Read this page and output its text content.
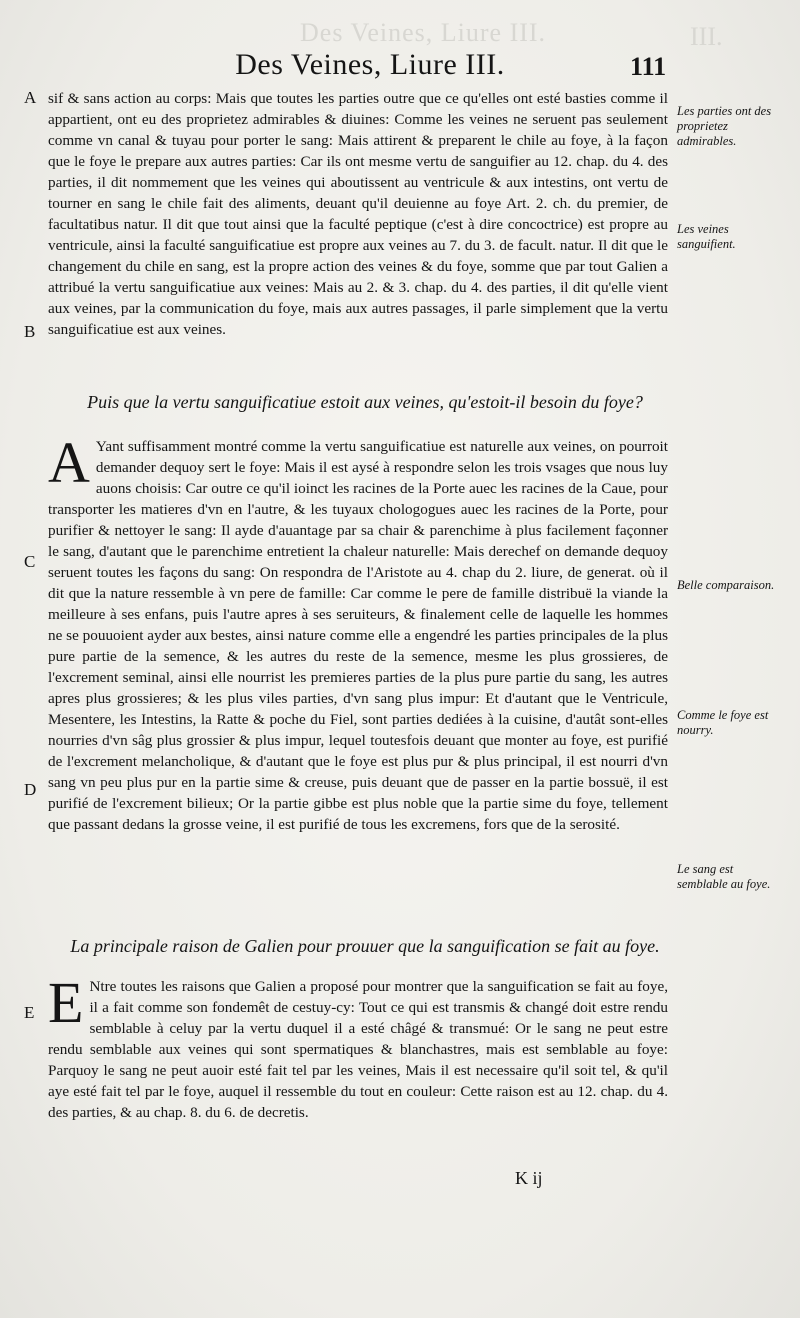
Des Veines, Liure III.	III.
Des Veines, Liure III.	111
A
B
C
D
E
Les parties ont des proprietez admirables.
Les veines sanguifient.
Belle comparaison.
Comme le foye est nourry.
Le sang est semblable au foye.

sif & sans action au corps: Mais que toutes les parties outre que ce qu'elles ont esté basties comme il appartient, ont eu des proprietez admirables & diuines: Comme les veines ne seruent pas seulement comme vn canal & tuyau pour porter le sang: Mais attirent & preparent le chile au foye, à la façon que le foye le prepare aux autres parties: Car ils ont mesme vertu de sanguifier au 12. chap. du 4. des parties, il dit nommement que les veines qui aboutissent au ventricule & aux intestins, ont vertu de tourner en sang le chile fait des aliments, deuant qu'il deuienne au foye Art. 2. ch. du premier, de facultatibus natur. Il dit que tout ainsi que la faculté peptique (c'est à dire concoctrice) est propre au ventricule, ainsi la faculté sanguificatiue est propre aux veines au 7. du 3. de facult. natur. Il dit que le changement du chile en sang, est la propre action des veines & du foye, somme que par tout Galien a attribué la vertu sanguificatiue aux veines: Mais au 2. & 3. chap. du 4. des parties, il dit qu'elle vient aux veines, par la communication du foye, mais aux autres passages, il parle simplement que la vertu sanguificatiue est aux veines.

Puis que la vertu sanguificatiue estoit aux veines, qu'estoit-il besoin du foye?

A Yant suffisamment montré comme la vertu sanguificatiue est naturelle aux veines, on pourroit demander dequoy sert le foye: Mais il est aysé à respondre selon les trois vsages que nous luy auons choisis: Car outre ce qu'il ioinct les racines de la Porte auec les racines de la Caue, pour transporter les matieres d'vn en l'autre, & les tuyaux chologogues auec les racines de la Porte, pour purifier & nettoyer le sang: Il ayde d'auantage par sa chair & parenchime à plus facilement façonner le sang, d'autant que le parenchime entretient la chaleur naturelle: Mais derechef on demande dequoy seruent toutes les façons du sang: On respondra de l'Aristote au 4. chap du 2. liure, de generat. où il dit que la nature ressemble à vn pere de famille: Car comme le pere de famille distribuë la viande la meilleure à ses enfans, puis l'autre apres à ses seruiteurs, & finalement celle de laquelle les hommes ne se pouuoient ayder aux bestes, ainsi nature comme elle a engendré les parties principales de la plus pure partie de la semence, & les autres du reste de la semence, mesme les plus grossieres, de l'excrement seminal, ainsi elle nourrist les premieres parties de la plus pure partie du sang, les autres apres plus grossieres; & les plus viles parties, d'vn sang plus impur: Et d'autant que le Ventricule, Mesentere, les Intestins, la Ratte & poche du Fiel, sont parties dediées à la cuisine, d'autât sont-elles nourries d'vn sâg plus grossier & plus impur, lequel toutesfois deuant que monter au foye, est purifié de l'excrement melancholique, & d'autant que le foye est plus pur & plus principal, il est nourri d'vn sang vn peu plus pur en la partie sime & creuse, puis deuant que de passer en la partie bossuë, il est purifié de l'excrement bilieux; Or la partie gibbe est plus noble que la partie sime du foye, tellement que passant dedans la grosse veine, il est purifié de tous les excremens, fors que de la serosité.

La principale raison de Galien pour prouuer que la sanguification se fait au foye.

E Ntre toutes les raisons que Galien a proposé pour montrer que la sanguification se fait au foye, il a fait comme son fondemêt de cestuy-cy: Tout ce qui est transmis & changé doit estre rendu semblable à celuy par la vertu duquel il a esté châgé & transmué: Or le sang ne peut estre rendu semblable aux veines qui sont spermatiques & blanchastres, mais est semblable au foye: Parquoy le sang ne peut auoir esté fait tel par les veines, Mais il est necessaire qu'il soit tel, & qu'il aye esté fait tel par le foye, auquel il ressemble du tout en couleur: Cette raison est au 12. chap. du 4. des parties, & au chap. 8. du 6. de decretis.

K ij
